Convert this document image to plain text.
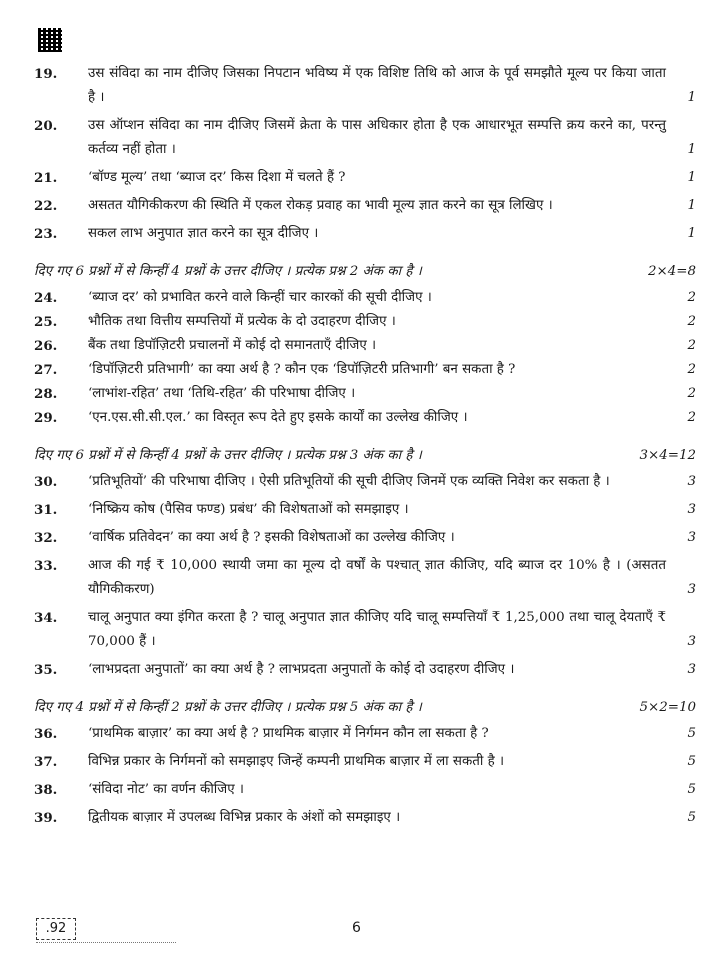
19.	उस संविदा का नाम दीजिए जिसका निपटान भविष्य में एक विशिष्ट तिथि को आज के पूर्व समझौते मूल्य पर किया जाता है ।	1
20.	उस ऑप्शन संविदा का नाम दीजिए जिसमें क्रेता के पास अधिकार होता है एक आधारभूत सम्पत्ति क्रय करने का, परन्तु कर्तव्य नहीं होता ।	1
21.	‘बॉण्ड मूल्य’ तथा ‘ब्याज दर’ किस दिशा में चलते हैं ?	1
22.	असतत यौगिकीकरण की स्थिति में एकल रोकड़ प्रवाह का भावी मूल्य ज्ञात करने का सूत्र लिखिए ।	1
23.	सकल लाभ अनुपात ज्ञात करने का सूत्र दीजिए ।	1
दिए गए 6 प्रश्नों में से किन्हीं 4 प्रश्नों के उत्तर दीजिए । प्रत्येक प्रश्न 2 अंक का है ।	2×4=8
24.	‘ब्याज दर’ को प्रभावित करने वाले किन्हीं चार कारकों की सूची दीजिए ।	2
25.	भौतिक तथा वित्तीय सम्पत्तियों में प्रत्येक के दो उदाहरण दीजिए ।	2
26.	बैंक तथा डिपॉज़िटरी प्रचालनों में कोई दो समानताएँ दीजिए ।	2
27.	‘डिपॉज़िटरी प्रतिभागी’ का क्या अर्थ है ? कौन एक ‘डिपॉज़िटरी प्रतिभागी’ बन सकता है ?	2
28.	‘लाभांश-रहित’ तथा ‘तिथि-रहित’ की परिभाषा दीजिए ।	2
29.	‘एन.एस.सी.सी.एल.’ का विस्तृत रूप देते हुए इसके कार्यों का उल्लेख कीजिए ।	2
दिए गए 6 प्रश्नों में से किन्हीं 4 प्रश्नों के उत्तर दीजिए । प्रत्येक प्रश्न 3 अंक का है ।	3×4=12
30.	‘प्रतिभूतियों’ की परिभाषा दीजिए । ऐसी प्रतिभूतियों की सूची दीजिए जिनमें एक व्यक्ति निवेश कर सकता है ।	3
31.	‘निष्क्रिय कोष (पैसिव फण्ड) प्रबंध’ की विशेषताओं को समझाइए ।	3
32.	‘वार्षिक प्रतिवेदन’ का क्या अर्थ है ? इसकी विशेषताओं का उल्लेख कीजिए ।	3
33.	आज की गई ₹ 10,000 स्थायी जमा का मूल्य दो वर्षों के पश्चात् ज्ञात कीजिए, यदि ब्याज दर 10% है । (असतत यौगिकीकरण)	3
34.	चालू अनुपात क्या इंगित करता है ? चालू अनुपात ज्ञात कीजिए यदि चालू सम्पत्तियाँ ₹ 1,25,000 तथा चालू देयताएँ ₹ 70,000 हैं ।	3
35.	‘लाभप्रदता अनुपातों’ का क्या अर्थ है ? लाभप्रदता अनुपातों के कोई दो उदाहरण दीजिए ।	3
दिए गए 4 प्रश्नों में से किन्हीं 2 प्रश्नों के उत्तर दीजिए । प्रत्येक प्रश्न 5 अंक का है ।	5×2=10
36.	‘प्राथमिक बाज़ार’ का क्या अर्थ है ? प्राथमिक बाज़ार में निर्गमन कौन ला सकता है ?	5
37.	विभिन्न प्रकार के निर्गमनों को समझाइए जिन्हें कम्पनी प्राथमिक बाज़ार में ला सकती है ।	5
38.	‘संविदा नोट’ का वर्णन कीजिए ।	5
39.	द्वितीयक बाज़ार में उपलब्ध विभिन्न प्रकार के अंशों को समझाइए ।	5
.92	6
